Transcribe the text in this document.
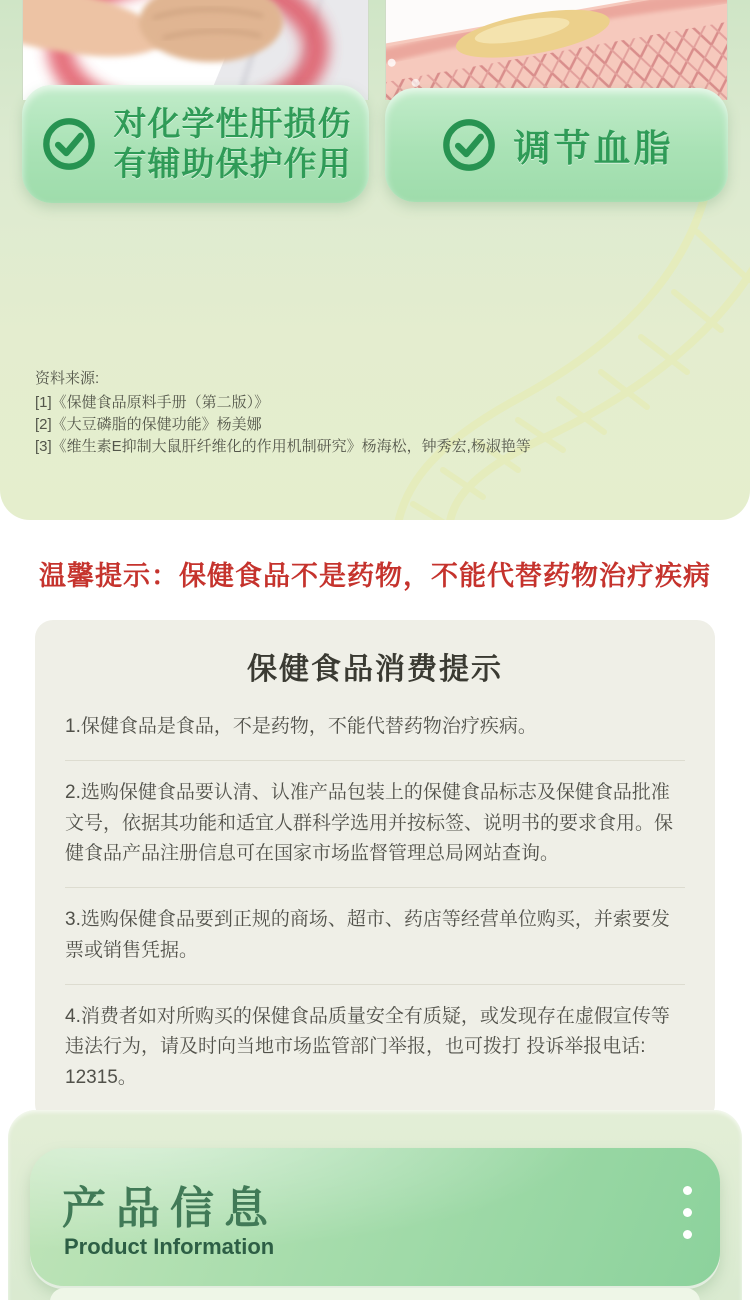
对化学性肝损伤
有辅助保护作用	调节血脂
资料来源:
[1]《保健食品原料手册（第二版）》
[2]《大豆磷脂的保健功能》杨美娜
[3]《维生素E抑制大鼠肝纤维化的作用机制研究》杨海松，钟秀宏,杨淑艳等
温馨提示：保健食品不是药物，不能代替药物治疗疾病
保健食品消费提示

1.保健食品是食品，不是药物，不能代替药物治疗疾病。

2.选购保健食品要认清、认准产品包装上的保健食品标志及保健食品批准文号，依据其功能和适宜人群科学选用并按标签、说明书的要求食用。保健食品产品注册信息可在国家市场监督管理总局网站查询。

3.选购保健食品要到正规的商场、超市、药店等经营单位购买，并索要发票或销售凭据。

4.消费者如对所购买的保健食品质量安全有质疑，或发现存在虚假宣传等违法行为，请及时向当地市场监管部门举报，也可拨打 投诉举报电话: 12315。

产品信息
Product Information
